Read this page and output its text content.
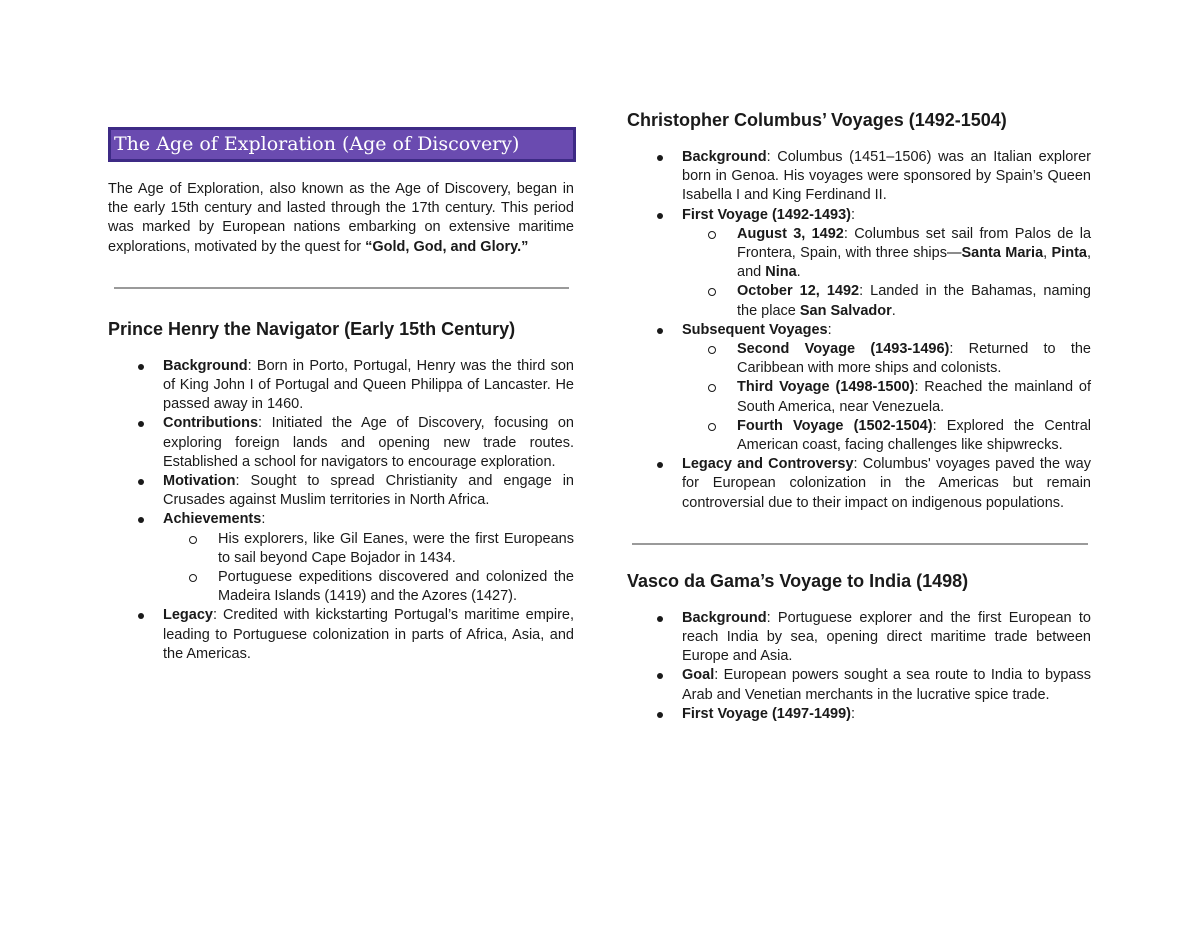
The Age of Exploration (Age of Discovery)

The Age of Exploration, also known as the Age of Discovery, began in the early 15th century and lasted through the 17th century. This period was marked by European nations embarking on extensive maritime explorations, motivated by the quest for “Gold, God, and Glory.”

Prince Henry the Navigator (Early 15th Century)
Background: Born in Porto, Portugal, Henry was the third son of King John I of Portugal and Queen Philippa of Lancaster. He passed away in 1460.
Contributions: Initiated the Age of Discovery, focusing on exploring foreign lands and opening new trade routes. Established a school for navigators to encourage exploration.
Motivation: Sought to spread Christianity and engage in Crusades against Muslim territories in North Africa.
Achievements:
His explorers, like Gil Eanes, were the first Europeans to sail beyond Cape Bojador in 1434.
Portuguese expeditions discovered and colonized the Madeira Islands (1419) and the Azores (1427).
Legacy: Credited with kickstarting Portugal’s maritime empire, leading to Portuguese colonization in parts of Africa, Asia, and the Americas.
Christopher Columbus’ Voyages (1492-1504)
Background: Columbus (1451–1506) was an Italian explorer born in Genoa. His voyages were sponsored by Spain’s Queen Isabella I and King Ferdinand II.
First Voyage (1492-1493):
August 3, 1492: Columbus set sail from Palos de la Frontera, Spain, with three ships—Santa Maria, Pinta, and Nina.
October 12, 1492: Landed in the Bahamas, naming the place San Salvador.
Subsequent Voyages:
Second Voyage (1493-1496): Returned to the Caribbean with more ships and colonists.
Third Voyage (1498-1500): Reached the mainland of South America, near Venezuela.
Fourth Voyage (1502-1504): Explored the Central American coast, facing challenges like shipwrecks.
Legacy and Controversy: Columbus' voyages paved the way for European colonization in the Americas but remain controversial due to their impact on indigenous populations.
Vasco da Gama’s Voyage to India (1498)
Background: Portuguese explorer and the first European to reach India by sea, opening direct maritime trade between Europe and Asia.
Goal: European powers sought a sea route to India to bypass Arab and Venetian merchants in the lucrative spice trade.
First Voyage (1497-1499):
